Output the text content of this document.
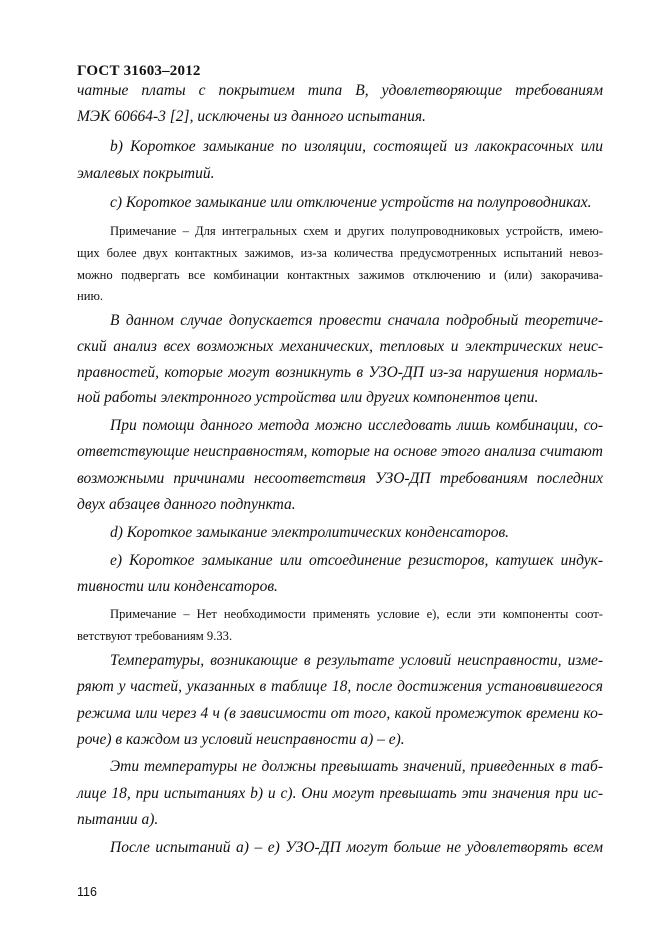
ГОСТ 31603–2012
чатные платы с покрытием типа В, удовлетворяющие требованиям
МЭК 60664-3 [2], исключены из данного испытания.
b) Короткое замыкание по изоляции, состоящей из лакокрасочных или
эмалевых покрытий.
c) Короткое замыкание или отключение устройств на полупроводниках.
Примечание – Для интегральных схем и других полупроводниковых устройств, имею-
щих более двух контактных зажимов, из-за количества предусмотренных испытаний невоз-
можно подвергать все комбинации контактных зажимов отключению и (или) закорачива-
нию.
В данном случае допускается провести сначала подробный теоретиче-
ский анализ всех возможных механических, тепловых и электрических неис-
правностей, которые могут возникнуть в УЗО-ДП из-за нарушения нормаль-
ной работы электронного устройства или других компонентов цепи.
При помощи данного метода можно исследовать лишь комбинации, со-
ответствующие неисправностям, которые на основе этого анализа считают
возможными причинами несоответствия УЗО-ДП требованиям последних
двух абзацев данного подпункта.
d) Короткое замыкание электролитических конденсаторов.
e) Короткое замыкание или отсоединение резисторов, катушек индук-
тивности или конденсаторов.
Примечание – Нет необходимости применять условие e), если эти компоненты соот-
ветствуют требованиям 9.33.
Температуры, возникающие в результате условий неисправности, изме-
ряют у частей, указанных в таблице 18, после достижения установившегося
режима или через 4 ч (в зависимости от того, какой промежуток времени ко-
роче) в каждом из условий неисправности a) – e).
Эти температуры не должны превышать значений, приведенных в таб-
лице 18, при испытаниях b) и c). Они могут превышать эти значения при ис-
пытании a).
После испытаний a) – e) УЗО-ДП могут больше не удовлетворять всем
116
